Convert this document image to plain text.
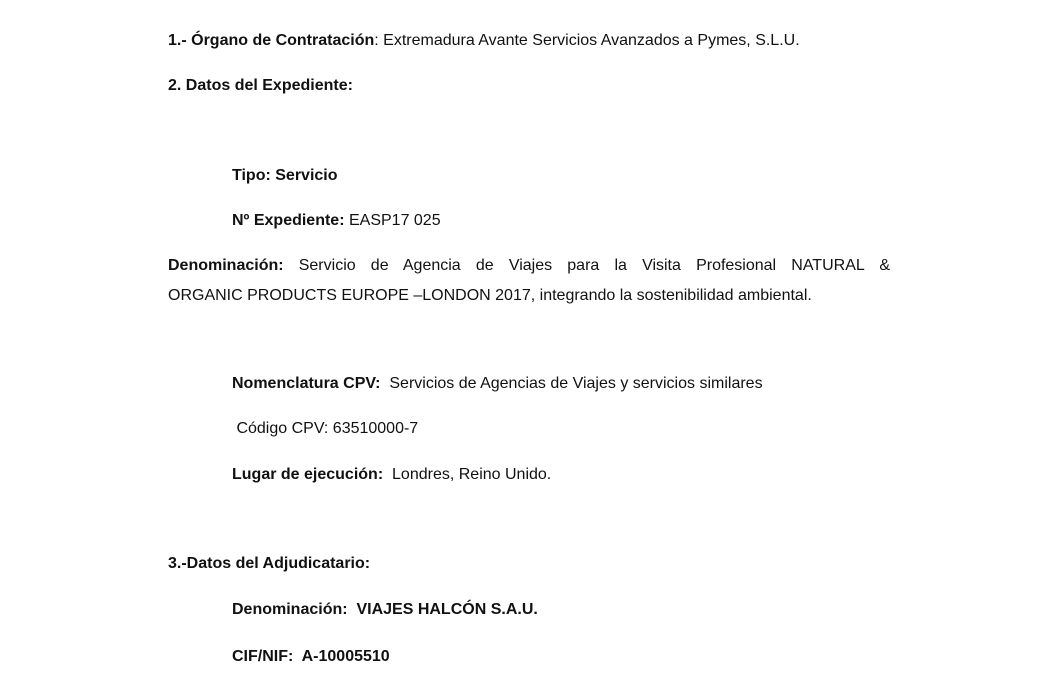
1.- Órgano de Contratación: Extremadura Avante Servicios Avanzados a Pymes, S.L.U.
2. Datos del Expediente:
Tipo: Servicio
Nº Expediente: EASP17 025
Denominación: Servicio de Agencia de Viajes para la Visita Profesional NATURAL &
ORGANIC PRODUCTS EUROPE –LONDON 2017, integrando la sostenibilidad ambiental.
Nomenclatura CPV:  Servicios de Agencias de Viajes y servicios similares
Código CPV: 63510000-7
Lugar de ejecución:  Londres, Reino Unido.
3.-Datos del Adjudicatario:
Denominación:  VIAJES HALCÓN S.A.U.
CIF/NIF:  A-10005510
